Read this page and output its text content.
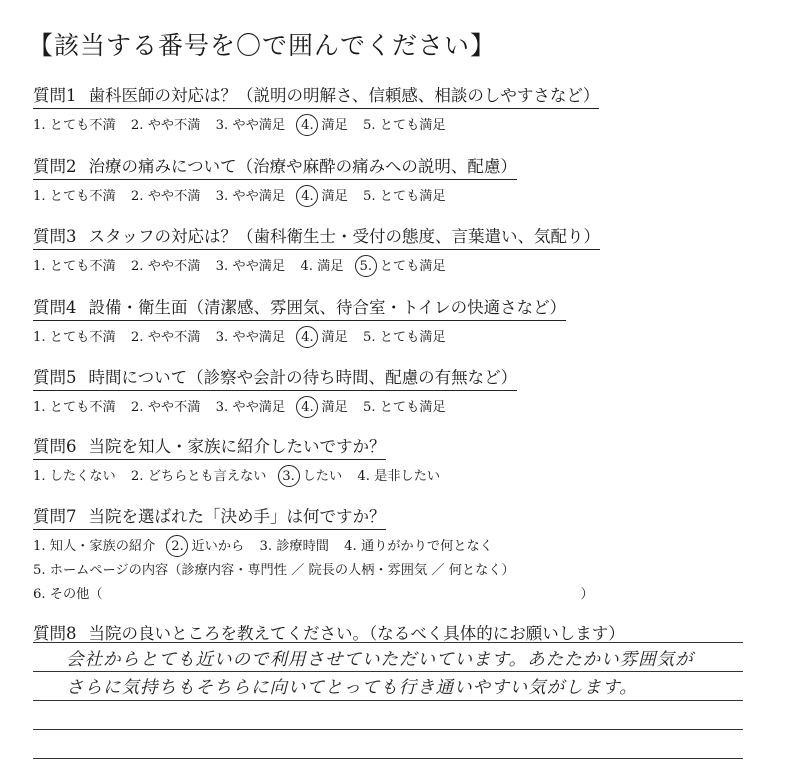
【該当する番号を〇で囲んでください】
質問1 歯科医師の対応は？（説明の明解さ、信頼感、相談のしやすさなど）
1. とても不満 2. やや不満 3. やや満足 4. 満足 5. とても満足
質問2 治療の痛みについて（治療や麻酔の痛みへの説明、配慮）
1. とても不満 2. やや不満 3. やや満足 4. 満足 5. とても満足
質問3 スタッフの対応は？（歯科衛生士・受付の態度、言葉遣い、気配り）
1. とても不満 2. やや不満 3. やや満足 4. 満足 5. とても満足
質問4 設備・衛生面（清潔感、雰囲気、待合室・トイレの快適さなど）
1. とても不満 2. やや不満 3. やや満足 4. 満足 5. とても満足
質問5 時間について（診察や会計の待ち時間、配慮の有無など）
1. とても不満 2. やや不満 3. やや満足 4. 満足 5. とても満足
質問6 当院を知人・家族に紹介したいですか？
1. したくない 2. どちらとも言えない 3. したい 4. 是非したい
質問7 当院を選ばれた「決め手」は何ですか？
1. 知人・家族の紹介 2. 近いから 3. 診療時間 4. 通りがかりで何となく
5. ホームページの内容（診療内容・専門性 ／ 院長の人柄・雰囲気 ／ 何となく）
6. その他（	）
質問8 当院の良いところを教えてください。（なるべく具体的にお願いします）
会社からとても近いので利用させていただいています。あたたかい雰囲気が
さらに気持ちもそちらに向いてとっても行き通いやすい気がします。
